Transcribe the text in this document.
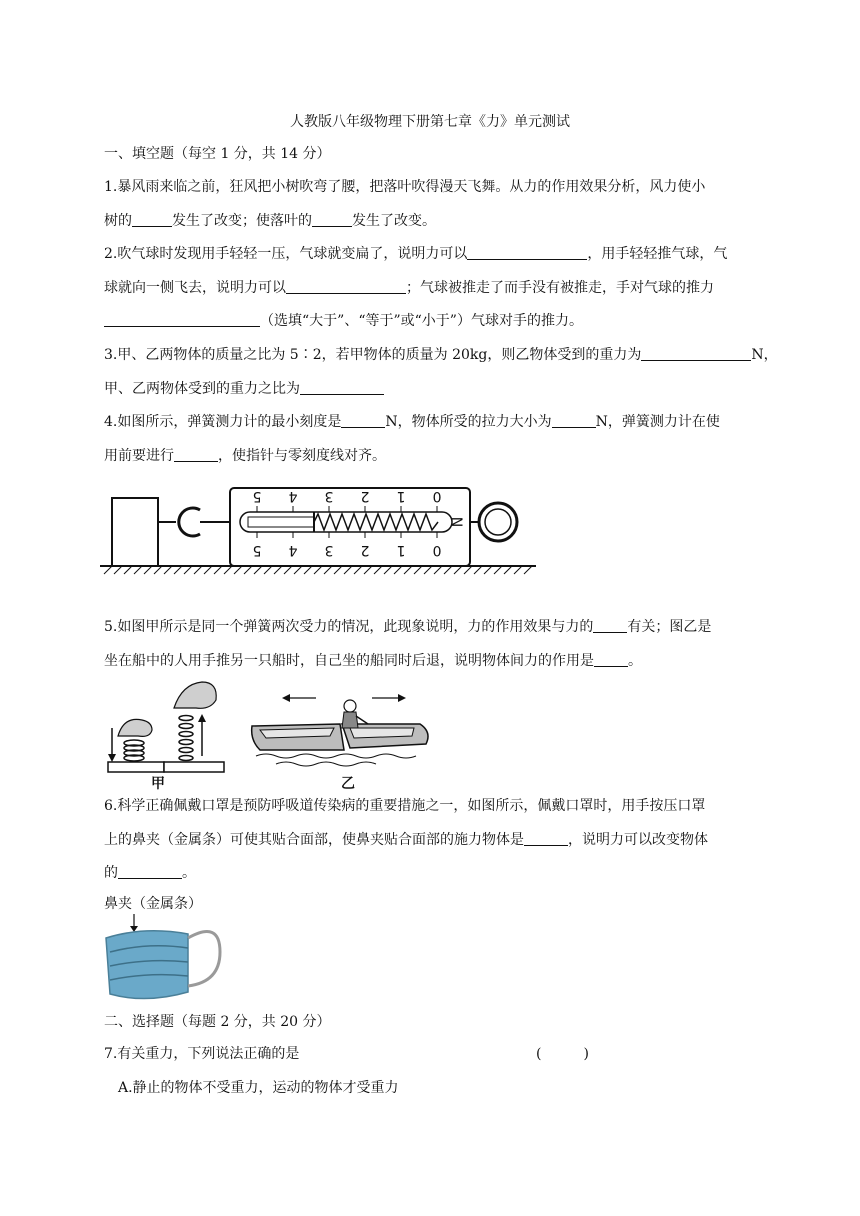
人教版八年级物理下册第七章《力》单元测试
一、填空题（每空 1 分，共 14 分）
1.暴风雨来临之前，狂风把小树吹弯了腰，把落叶吹得漫天飞舞。从力的作用效果分析，风力使小
树的	发生了改变；使落叶的	发生了改变。
2.吹气球时发现用手轻轻一压，气球就变扁了，说明力可以	，用手轻轻推气球，气
球就向一侧飞去，说明力可以	；气球被推走了而手没有被推走，手对气球的推力
（选填“大于”、“等于”或“小于”）气球对手的推力。
3.甲、乙两物体的质量之比为 5∶2，若甲物体的质量为 20kg，则乙物体受到的重力为	N，
甲、乙两物体受到的重力之比为
4.如图所示，弹簧测力计的最小刻度是	N，物体所受的拉力大小为	N，弹簧测力计在使
用前要进行	，使指针与零刻度线对齐。
5 4 3 2 1 0
5 4 3 2 1 0
N
5.如图甲所示是同一个弹簧两次受力的情况，此现象说明，力的作用效果与力的 有关；图乙是
坐在船中的人用手推另一只船时，自己坐的船同时后退，说明物体间力的作用是 。
甲	乙
6.科学正确佩戴口罩是预防呼吸道传染病的重要措施之一，如图所示，佩戴口罩时，用手按压口罩
上的鼻夹（金属条）可使其贴合面部，使鼻夹贴合面部的施力物体是	，说明力可以改变物体
的	。
鼻夹（金属条）
二、选择题（每题 2 分，共 20 分）
7.有关重力，下列说法正确的是	(　　　)
A.静止的物体不受重力，运动的物体才受重力
